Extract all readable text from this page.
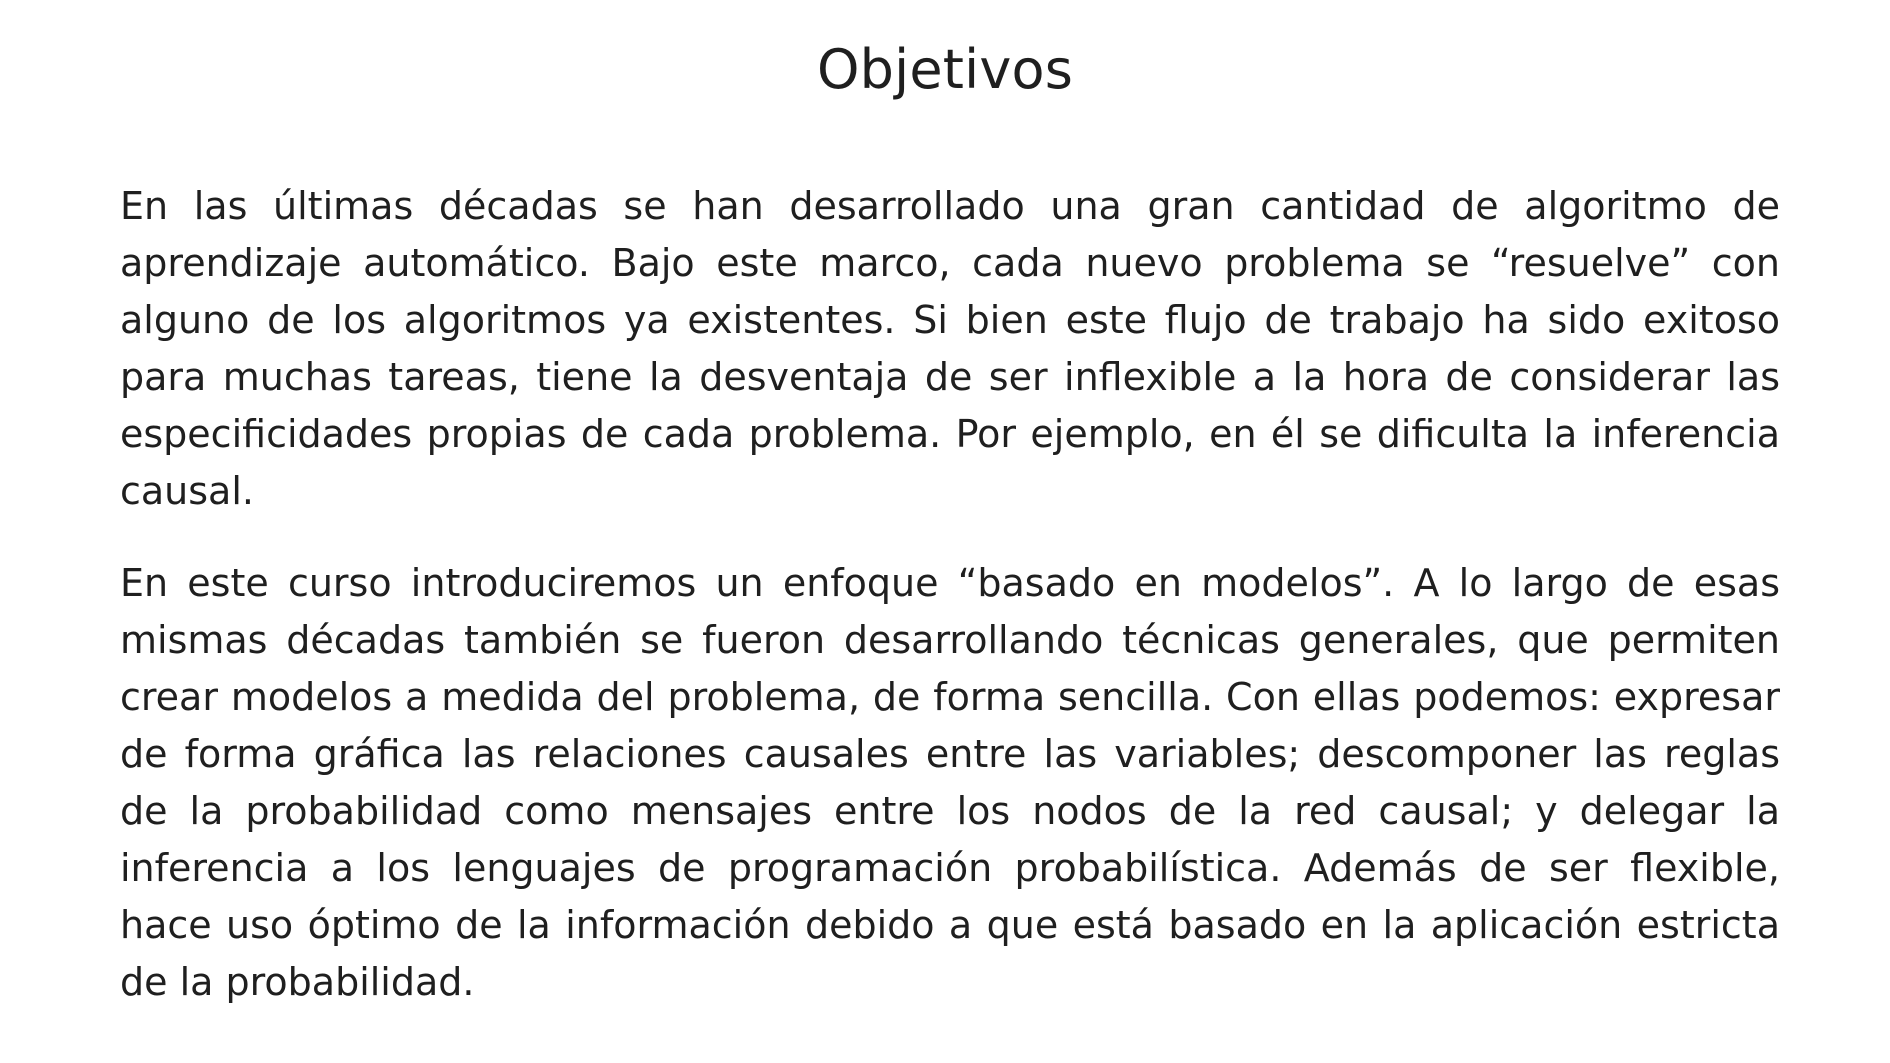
Objetivos

En las últimas décadas se han desarrollado una gran cantidad de algoritmo de aprendizaje automático. Bajo este marco, cada nuevo problema se “resuelve” con alguno de los algoritmos ya existentes. Si bien este flujo de trabajo ha sido exitoso para muchas tareas, tiene la desventaja de ser inflexible a la hora de considerar las especificidades propias de cada problema. Por ejemplo, en él se dificulta la inferencia causal.

En este curso introduciremos un enfoque “basado en modelos”. A lo largo de esas mismas décadas también se fueron desarrollando técnicas generales, que permiten crear modelos a medida del problema, de forma sencilla. Con ellas podemos: expresar de forma gráfica las relaciones causales entre las variables; descomponer las reglas de la probabilidad como mensajes entre los nodos de la red causal; y delegar la inferencia a los lenguajes de programación probabilística. Además de ser flexible, hace uso óptimo de la información debido a que está basado en la aplicación estricta de la probabilidad.
